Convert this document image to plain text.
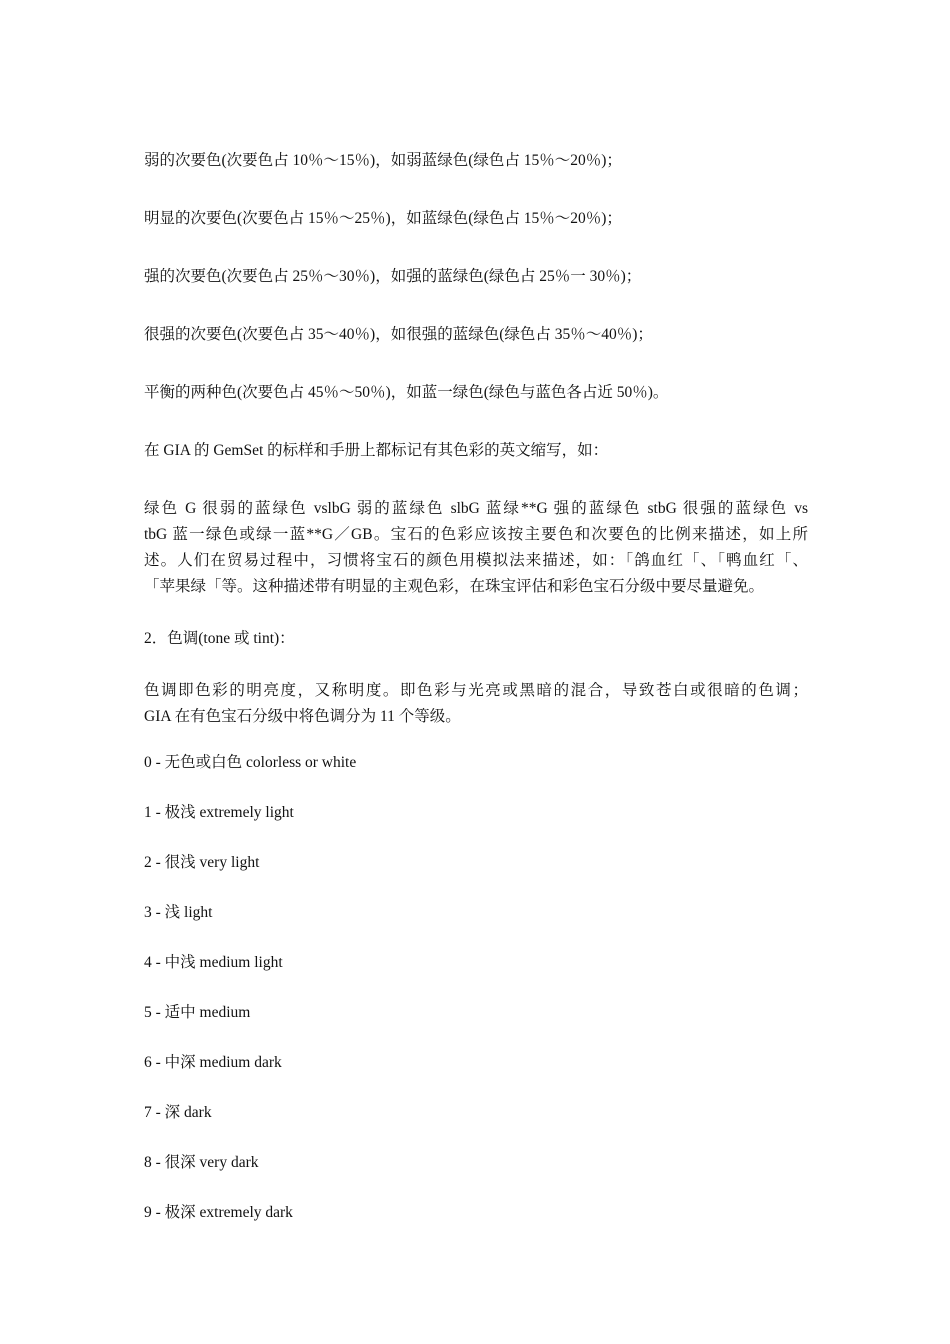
弱的次要色(次要色占 10％～15％)，如弱蓝绿色(绿色占 15％～20％)；

明显的次要色(次要色占 15％～25％)，如蓝绿色(绿色占 15％～20％)；

强的次要色(次要色占 25％～30％)，如强的蓝绿色(绿色占 25％一 30％)；

很强的次要色(次要色占 35～40％)，如很强的蓝绿色(绿色占 35％～40％)；

平衡的两种色(次要色占 45％～50％)，如蓝一绿色(绿色与蓝色各占近 50％)。

在 GIA 的 GemSet 的标样和手册上都标记有其色彩的英文缩写，如：

绿色 G 很弱的蓝绿色 vslbG 弱的蓝绿色 slbG 蓝绿**G 强的蓝绿色 stbG 很强的蓝绿色 vs
tbG 蓝一绿色或绿一蓝**G／GB。宝石的色彩应该按主要色和次要色的比例来描述，如上所
述。人们在贸易过程中，习惯将宝石的颜色用模拟法来描述，如：「鸽血红「、「鸭血红「、
「苹果绿「等。这种描述带有明显的主观色彩，在珠宝评估和彩色宝石分级中要尽量避免。

2．色调(tone 或 tint)：

色调即色彩的明亮度，又称明度。即色彩与光亮或黑暗的混合，导致苍白或很暗的色调；
GIA 在有色宝石分级中将色调分为 11 个等级。

0 - 无色或白色 colorless or white

1 - 极浅 extremely light

2 - 很浅 very light

3 - 浅 light

4 - 中浅 medium light

5 - 适中 medium

6 - 中深 medium dark

7 - 深 dark

8 - 很深 very dark

9 - 极深 extremely dark
